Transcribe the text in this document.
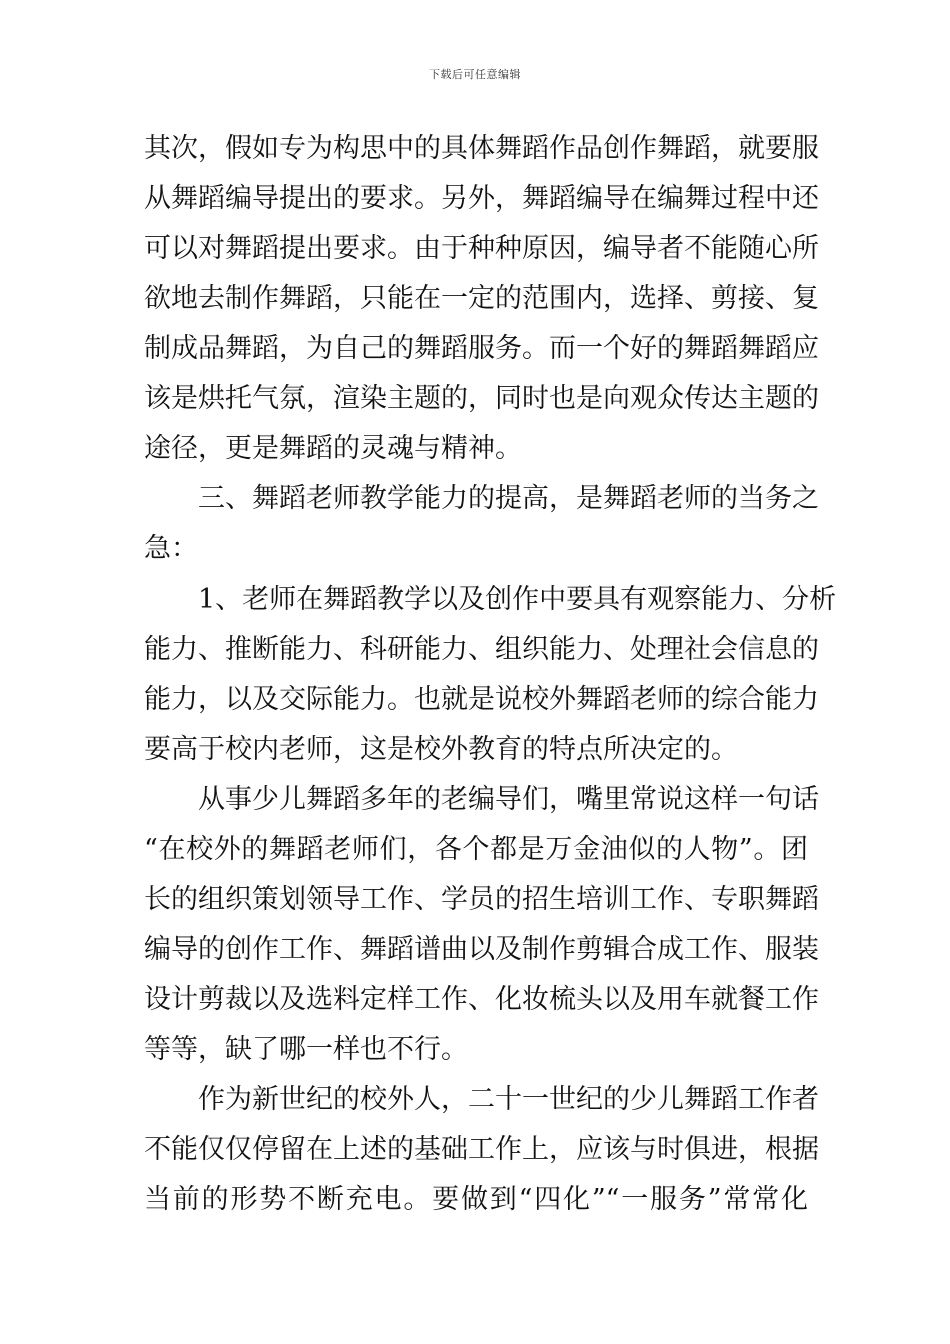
下载后可任意编辑
其次，假如专为构思中的具体舞蹈作品创作舞蹈，就要服
从舞蹈编导提出的要求。另外，舞蹈编导在编舞过程中还
可以对舞蹈提出要求。由于种种原因，编导者不能随心所
欲地去制作舞蹈，只能在一定的范围内，选择、剪接、复
制成品舞蹈，为自己的舞蹈服务。而一个好的舞蹈舞蹈应
该是烘托气氛，渲染主题的，同时也是向观众传达主题的
途径，更是舞蹈的灵魂与精神。
三、舞蹈老师教学能力的提高，是舞蹈老师的当务之
急：
1、老师在舞蹈教学以及创作中要具有观察能力、分析
能力、推断能力、科研能力、组织能力、处理社会信息的
能力，以及交际能力。也就是说校外舞蹈老师的综合能力
要高于校内老师，这是校外教育的特点所决定的。
从事少儿舞蹈多年的老编导们，嘴里常说这样一句话
“在校外的舞蹈老师们，各个都是万金油似的人物”。团
长的组织策划领导工作、学员的招生培训工作、专职舞蹈
编导的创作工作、舞蹈谱曲以及制作剪辑合成工作、服装
设计剪裁以及选料定样工作、化妆梳头以及用车就餐工作
等等，缺了哪一样也不行。
作为新世纪的校外人，二十一世纪的少儿舞蹈工作者
不能仅仅停留在上述的基础工作上，应该与时俱进，根据
当前的形势不断充电。要做到“四化”“一服务”常常化
